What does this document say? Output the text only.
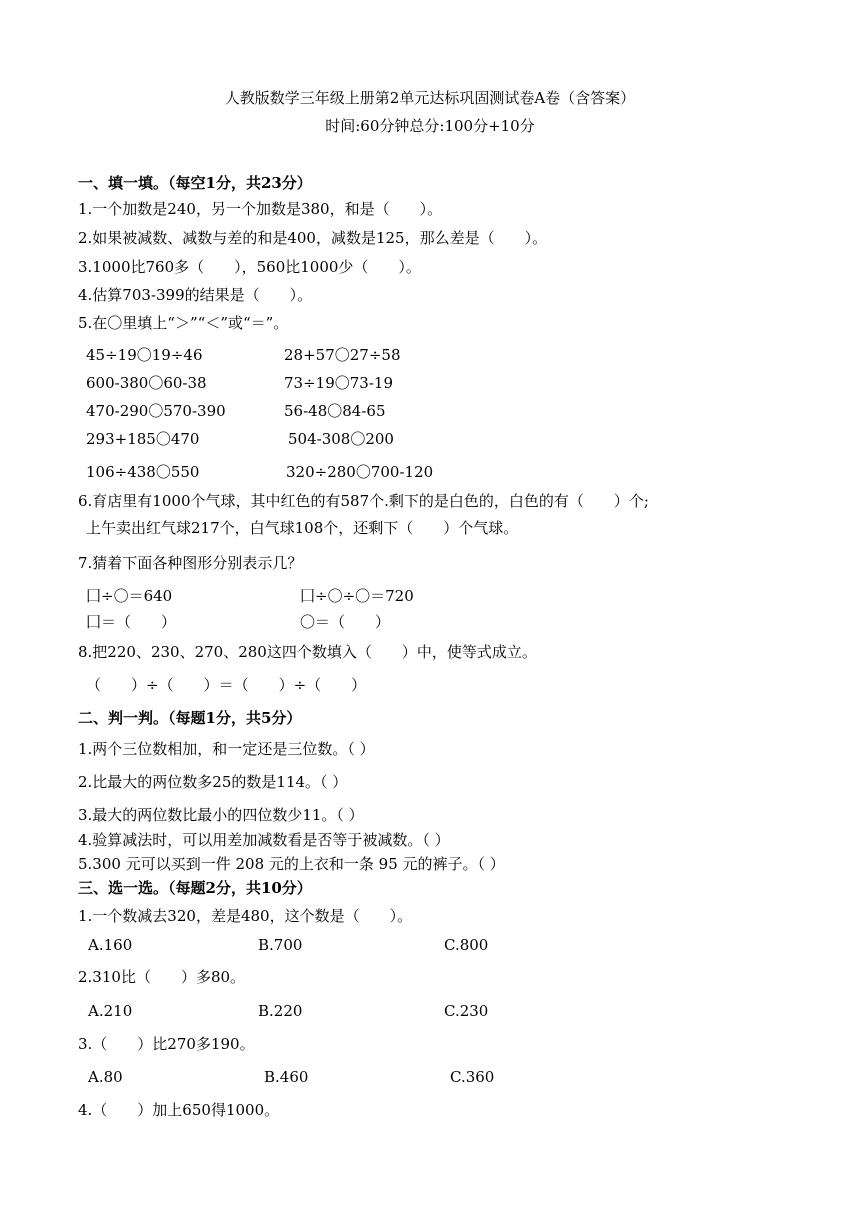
人教版数学三年级上册第2单元达标巩固测试卷A卷（含答案）
时间:60分钟总分:100分+10分
一、填一填。（每空1分，共23分）
1.一个加数是240，另一个加数是380，和是（　　）。
2.如果被减数、减数与差的和是400，减数是125，那么差是（　　）。
3.1000比760多（　　），560比1000少（　　）。
4.估算703-399的结果是（　　）。
5.在〇里填上“＞”“＜”或“＝”。
45÷19〇19÷46	28+57〇27÷58
600-380〇60-38	73÷19〇73-19
470-290〇570-390	56-48〇84-65
293+185〇470	504-308〇200
106÷438〇550	320÷280〇700-120
6.育店里有1000个气球，其中红色的有587个.剩下的是白色的，白色的有（　　）个;
上午卖出红气球217个，白气球108个，还剩下（　　）个气球。
7.猜着下面各种图形分别表示几？
囗÷〇＝640	囗÷〇÷〇＝720
囗＝（　　）	〇＝（　　）
8.把220、230、270、280这四个数填入（　　）中，使等式成立。
（　　）÷（　　）＝（　　）÷（　　）
二、判一判。（每题1分，共5分）
1.两个三位数相加，和一定还是三位数。（ ）
2.比最大的两位数多25的数是114。（ ）
3.最大的两位数比最小的四位数少11。（ ）
4.验算减法时，可以用差加减数看是否等于被减数。（ ）
5.300 元可以买到一件 208 元的上衣和一条 95 元的裤子。（ ）
三、选一选。（每题2分，共10分）
1.一个数减去320，差是480，这个数是（　　）。
A.160	B.700	C.800
2.310比（　　）多80。
A.210	B.220	C.230
3.（　　）比270多190。
A.80	B.460	C.360
4.（　　）加上650得1000。
